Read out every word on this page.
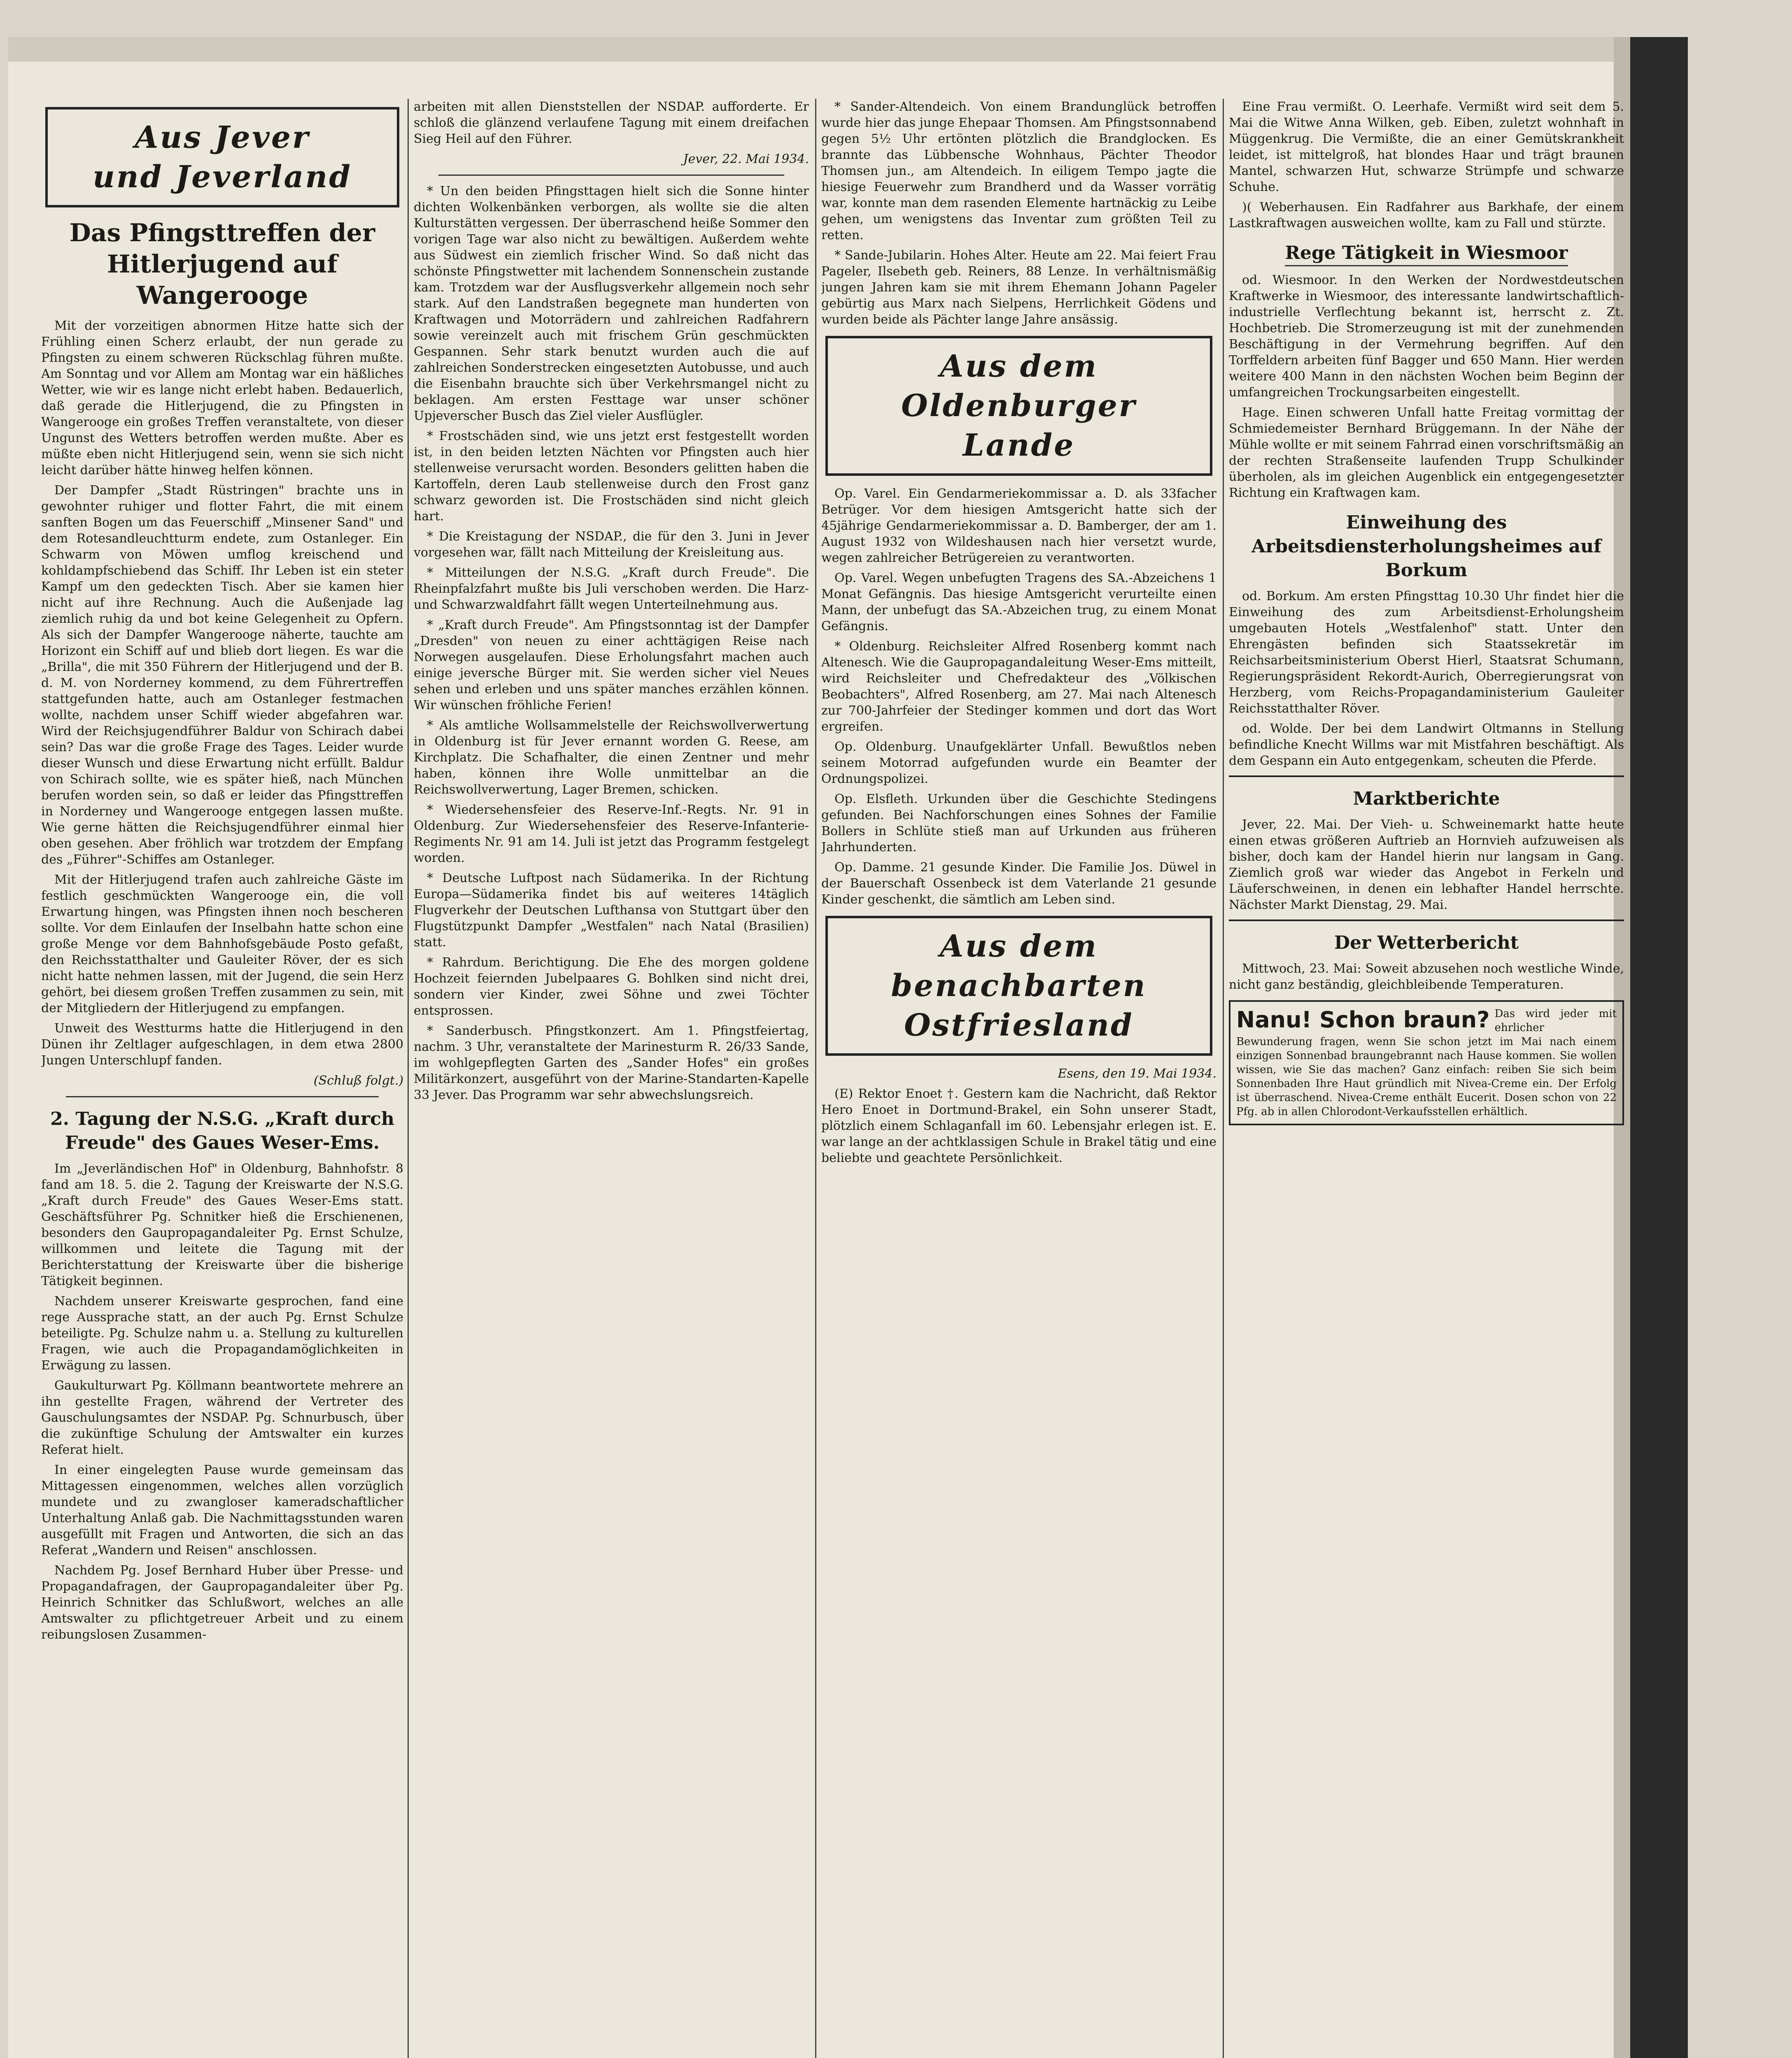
Aus Jever
und Jeverland
Das Pfingsttreffen der Hitlerjugend auf Wangerooge

Mit der vorzeitigen abnormen Hitze hatte sich der Frühling einen Scherz erlaubt, der nun gerade zu Pfingsten zu einem schweren Rückschlag führen mußte. Am Sonntag und vor Allem am Montag war ein häßliches Wetter, wie wir es lange nicht erlebt haben. Bedauerlich, daß gerade die Hitlerjugend, die zu Pfingsten in Wangerooge ein großes Treffen veranstaltete, von dieser Ungunst des Wetters betroffen werden mußte. Aber es müßte eben nicht Hitlerjugend sein, wenn sie sich nicht leicht darüber hätte hinweg helfen können.

Der Dampfer „Stadt Rüstringen" brachte uns in gewohnter ruhiger und flotter Fahrt, die mit einem sanften Bogen um das Feuerschiff „Minsener Sand" und dem Rotesandleuchtturm endete, zum Ostanleger. Ein Schwarm von Möwen umflog kreischend und kohldampfschiebend das Schiff. Ihr Leben ist ein steter Kampf um den gedeckten Tisch. Aber sie kamen hier nicht auf ihre Rechnung. Auch die Außenjade lag ziemlich ruhig da und bot keine Gelegenheit zu Opfern. Als sich der Dampfer Wangerooge näherte, tauchte am Horizont ein Schiff auf und blieb dort liegen. Es war die „Brilla", die mit 350 Führern der Hitlerjugend und der B. d. M. von Norderney kommend, zu dem Führertreffen stattgefunden hatte, auch am Ostanleger festmachen wollte, nachdem unser Schiff wieder abgefahren war. Wird der Reichsjugendführer Baldur von Schirach dabei sein? Das war die große Frage des Tages. Leider wurde dieser Wunsch und diese Erwartung nicht erfüllt. Baldur von Schirach sollte, wie es später hieß, nach München berufen worden sein, so daß er leider das Pfingsttreffen in Norderney und Wangerooge entgegen lassen mußte. Wie gerne hätten die Reichsjugendführer einmal hier oben gesehen. Aber fröhlich war trotzdem der Empfang des „Führer"-Schiffes am Ostanleger.

Mit der Hitlerjugend trafen auch zahlreiche Gäste im festlich geschmückten Wangerooge ein, die voll Erwartung hingen, was Pfingsten ihnen noch bescheren sollte. Vor dem Einlaufen der Inselbahn hatte schon eine große Menge vor dem Bahnhofsgebäude Posto gefaßt, den Reichsstatthalter und Gauleiter Röver, der es sich nicht hatte nehmen lassen, mit der Jugend, die sein Herz gehört, bei diesem großen Treffen zusammen zu sein, mit der Mitgliedern der Hitlerjugend zu empfangen.

Unweit des Westturms hatte die Hitlerjugend in den Dünen ihr Zeltlager aufgeschlagen, in dem etwa 2800 Jungen Unterschlupf fanden.

(Schluß folgt.)

2. Tagung der N.S.G. „Kraft durch Freude" des Gaues Weser-Ems.

Im „Jeverländischen Hof" in Oldenburg, Bahnhofstr. 8 fand am 18. 5. die 2. Tagung der Kreiswarte der N.S.G. „Kraft durch Freude" des Gaues Weser-Ems statt. Geschäftsführer Pg. Schnitker hieß die Erschienenen, besonders den Gaupropagandaleiter Pg. Ernst Schulze, willkommen und leitete die Tagung mit der Berichterstattung der Kreiswarte über die bisherige Tätigkeit beginnen.

Nachdem unserer Kreiswarte gesprochen, fand eine rege Aussprache statt, an der auch Pg. Ernst Schulze beteiligte. Pg. Schulze nahm u. a. Stellung zu kulturellen Fragen, wie auch die Propagandamöglichkeiten in Erwägung zu lassen.

Gaukulturwart Pg. Köllmann beantwortete mehrere an ihn gestellte Fragen, während der Vertreter des Gauschulungsamtes der NSDAP. Pg. Schnurbusch, über die zukünftige Schulung der Amtswalter ein kurzes Referat hielt.

In einer eingelegten Pause wurde gemeinsam das Mittagessen eingenommen, welches allen vorzüglich mundete und zu zwangloser kameradschaftlicher Unterhaltung Anlaß gab. Die Nachmittagsstunden waren ausgefüllt mit Fragen und Antworten, die sich an das Referat „Wandern und Reisen" anschlossen.

Nachdem Pg. Josef Bernhard Huber über Presse- und Propagandafragen, der Gaupropagandaleiter über Pg. Heinrich Schnitker das Schlußwort, welches an alle Amtswalter zu pflichtgetreuer Arbeit und zu einem reibungslosen Zusammen-

arbeiten mit allen Dienststellen der NSDAP. aufforderte. Er schloß die glänzend verlaufene Tagung mit einem dreifachen Sieg Heil auf den Führer.

Jever, 22. Mai 1934.

* Un den beiden Pfingsttagen hielt sich die Sonne hinter dichten Wolkenbänken verborgen, als wollte sie die alten Kulturstätten vergessen. Der überraschend heiße Sommer den vorigen Tage war also nicht zu bewältigen. Außerdem wehte aus Südwest ein ziemlich frischer Wind. So daß nicht das schönste Pfingstwetter mit lachendem Sonnenschein zustande kam. Trotzdem war der Ausflugsverkehr allgemein noch sehr stark. Auf den Landstraßen begegnete man hunderten von Kraftwagen und Motorrädern und zahlreichen Radfahrern sowie vereinzelt auch mit frischem Grün geschmückten Gespannen. Sehr stark benutzt wurden auch die auf zahlreichen Sonderstrecken eingesetzten Autobusse, und auch die Eisenbahn brauchte sich über Verkehrsmangel nicht zu beklagen. Am ersten Festtage war unser schöner Upjeverscher Busch das Ziel vieler Ausflügler.

* Frostschäden sind, wie uns jetzt erst festgestellt worden ist, in den beiden letzten Nächten vor Pfingsten auch hier stellenweise verursacht worden. Besonders gelitten haben die Kartoffeln, deren Laub stellenweise durch den Frost ganz schwarz geworden ist. Die Frostschäden sind nicht gleich hart.

* Die Kreistagung der NSDAP., die für den 3. Juni in Jever vorgesehen war, fällt nach Mitteilung der Kreisleitung aus.

* Mitteilungen der N.S.G. „Kraft durch Freude". Die Rheinpfalzfahrt mußte bis Juli verschoben werden. Die Harz- und Schwarzwaldfahrt fällt wegen Unterteilnehmung aus.

* „Kraft durch Freude". Am Pfingstsonntag ist der Dampfer „Dresden" von neuen zu einer achttägigen Reise nach Norwegen ausgelaufen. Diese Erholungsfahrt machen auch einige jeversche Bürger mit. Sie werden sicher viel Neues sehen und erleben und uns später manches erzählen können. Wir wünschen fröhliche Ferien!

* Als amtliche Wollsammelstelle der Reichswollverwertung in Oldenburg ist für Jever ernannt worden G. Reese, am Kirchplatz. Die Schafhalter, die einen Zentner und mehr haben, können ihre Wolle unmittelbar an die Reichswollverwertung, Lager Bremen, schicken.

* Wiedersehensfeier des Reserve-Inf.-Regts. Nr. 91 in Oldenburg. Zur Wiedersehensfeier des Reserve-Infanterie-Regiments Nr. 91 am 14. Juli ist jetzt das Programm festgelegt worden.

* Deutsche Luftpost nach Südamerika. In der Richtung Europa—Südamerika findet bis auf weiteres 14täglich Flugverkehr der Deutschen Lufthansa von Stuttgart über den Flugstützpunkt Dampfer „Westfalen" nach Natal (Brasilien) statt.

* Rahrdum. Berichtigung. Die Ehe des morgen goldene Hochzeit feiernden Jubelpaares G. Bohlken sind nicht drei, sondern vier Kinder, zwei Söhne und zwei Töchter entsprossen.

* Sanderbusch. Pfingstkonzert. Am 1. Pfingstfeiertag, nachm. 3 Uhr, veranstaltete der Marinesturm R. 26/33 Sande, im wohlgepflegten Garten des „Sander Hofes" ein großes Militärkonzert, ausgeführt von der Marine-Standarten-Kapelle 33 Jever. Das Programm war sehr abwechslungsreich.

* Sander-Altendeich. Von einem Brandunglück betroffen wurde hier das junge Ehepaar Thomsen. Am Pfingstsonnabend gegen 5½ Uhr ertönten plötzlich die Brandglocken. Es brannte das Lübbensche Wohnhaus, Pächter Theodor Thomsen jun., am Altendeich. In eiligem Tempo jagte die hiesige Feuerwehr zum Brandherd und da Wasser vorrätig war, konnte man dem rasenden Elemente hartnäckig zu Leibe gehen, um wenigstens das Inventar zum größten Teil zu retten.

* Sande-Jubilarin. Hohes Alter. Heute am 22. Mai feiert Frau Pageler, Ilsebeth geb. Reiners, 88 Lenze. In verhältnismäßig jungen Jahren kam sie mit ihrem Ehemann Johann Pageler gebürtig aus Marx nach Sielpens, Herrlichkeit Gödens und wurden beide als Pächter lange Jahre ansässig.

Aus dem Oldenburger
Lande

Op. Varel. Ein Gendarmeriekommissar a. D. als 33facher Betrüger. Vor dem hiesigen Amtsgericht hatte sich der 45jährige Gendarmeriekommissar a. D. Bamberger, der am 1. August 1932 von Wildeshausen nach hier versetzt wurde, wegen zahlreicher Betrügereien zu verantworten.

Op. Varel. Wegen unbefugten Tragens des SA.-Abzeichens 1 Monat Gefängnis. Das hiesige Amtsgericht verurteilte einen Mann, der unbefugt das SA.-Abzeichen trug, zu einem Monat Gefängnis.

* Oldenburg. Reichsleiter Alfred Rosenberg kommt nach Altenesch. Wie die Gaupropagandaleitung Weser-Ems mitteilt, wird Reichsleiter und Chefredakteur des „Völkischen Beobachters", Alfred Rosenberg, am 27. Mai nach Altenesch zur 700-Jahrfeier der Stedinger kommen und dort das Wort ergreifen.

Op. Oldenburg. Unaufgeklärter Unfall. Bewußtlos neben seinem Motorrad aufgefunden wurde ein Beamter der Ordnungspolizei.

Op. Elsfleth. Urkunden über die Geschichte Stedingens gefunden. Bei Nachforschungen eines Sohnes der Familie Bollers in Schlüte stieß man auf Urkunden aus früheren Jahrhunderten.

Op. Damme. 21 gesunde Kinder. Die Familie Jos. Düwel in der Bauerschaft Ossenbeck ist dem Vaterlande 21 gesunde Kinder geschenkt, die sämtlich am Leben sind.

Aus dem benachbarten
Ostfriesland

Esens, den 19. Mai 1934.

(E) Rektor Enoet †. Gestern kam die Nachricht, daß Rektor Hero Enoet in Dortmund-Brakel, ein Sohn unserer Stadt, plötzlich einem Schlaganfall im 60. Lebensjahr erlegen ist. E. war lange an der achtklassigen Schule in Brakel tätig und eine beliebte und geachtete Persönlichkeit.

Eine Frau vermißt. O. Leerhafe. Vermißt wird seit dem 5. Mai die Witwe Anna Wilken, geb. Eiben, zuletzt wohnhaft in Müggenkrug. Die Vermißte, die an einer Gemütskrankheit leidet, ist mittelgroß, hat blondes Haar und trägt braunen Mantel, schwarzen Hut, schwarze Strümpfe und schwarze Schuhe.

)( Weberhausen. Ein Radfahrer aus Barkhafe, der einem Lastkraftwagen ausweichen wollte, kam zu Fall und stürzte.

Rege Tätigkeit in Wiesmoor

od. Wiesmoor. In den Werken der Nordwestdeutschen Kraftwerke in Wiesmoor, des interessante landwirtschaftlich-industrielle Verflechtung bekannt ist, herrscht z. Zt. Hochbetrieb. Die Stromerzeugung ist mit der zunehmenden Beschäftigung in der Vermehrung begriffen. Auf den Torffeldern arbeiten fünf Bagger und 650 Mann. Hier werden weitere 400 Mann in den nächsten Wochen beim Beginn der umfangreichen Trockungsarbeiten eingestellt.

Hage. Einen schweren Unfall hatte Freitag vormittag der Schmiedemeister Bernhard Brüggemann. In der Nähe der Mühle wollte er mit seinem Fahrrad einen vorschriftsmäßig an der rechten Straßenseite laufenden Trupp Schulkinder überholen, als im gleichen Augenblick ein entgegengesetzter Richtung ein Kraftwagen kam.

Einweihung des Arbeitsdiensterholungsheimes auf Borkum

od. Borkum. Am ersten Pfingsttag 10.30 Uhr findet hier die Einweihung des zum Arbeitsdienst-Erholungsheim umgebauten Hotels „Westfalenhof" statt. Unter den Ehrengästen befinden sich Staatssekretär im Reichsarbeitsministerium Oberst Hierl, Staatsrat Schumann, Regierungspräsident Rekordt-Aurich, Oberregierungsrat von Herzberg, vom Reichs-Propagandaministerium Gauleiter Reichsstatthalter Röver.

od. Wolde. Der bei dem Landwirt Oltmanns in Stellung befindliche Knecht Willms war mit Mistfahren beschäftigt. Als dem Gespann ein Auto entgegenkam, scheuten die Pferde.

Marktberichte

Jever, 22. Mai. Der Vieh- u. Schweinemarkt hatte heute einen etwas größeren Auftrieb an Hornvieh aufzuweisen als bisher, doch kam der Handel hierin nur langsam in Gang. Ziemlich groß war wieder das Angebot in Ferkeln und Läuferschweinen, in denen ein lebhafter Handel herrschte. Nächster Markt Dienstag, 29. Mai.

Der Wetterbericht

Mittwoch, 23. Mai: Soweit abzusehen noch westliche Winde, nicht ganz beständig, gleichbleibende Temperaturen.

Nanu! Schon braun? Das wird jeder mit ehrlicher Bewunderung fragen, wenn Sie schon jetzt im Mai nach einem einzigen Sonnenbad braungebrannt nach Hause kommen. Sie wollen wissen, wie Sie das machen? Ganz einfach: reiben Sie sich beim Sonnenbaden Ihre Haut gründlich mit Nivea-Creme ein. Der Erfolg ist überraschend. Nivea-Creme enthält Eucerit. Dosen schon von 22 Pfg. ab in allen Chlorodont-Verkaufsstellen erhältlich.
